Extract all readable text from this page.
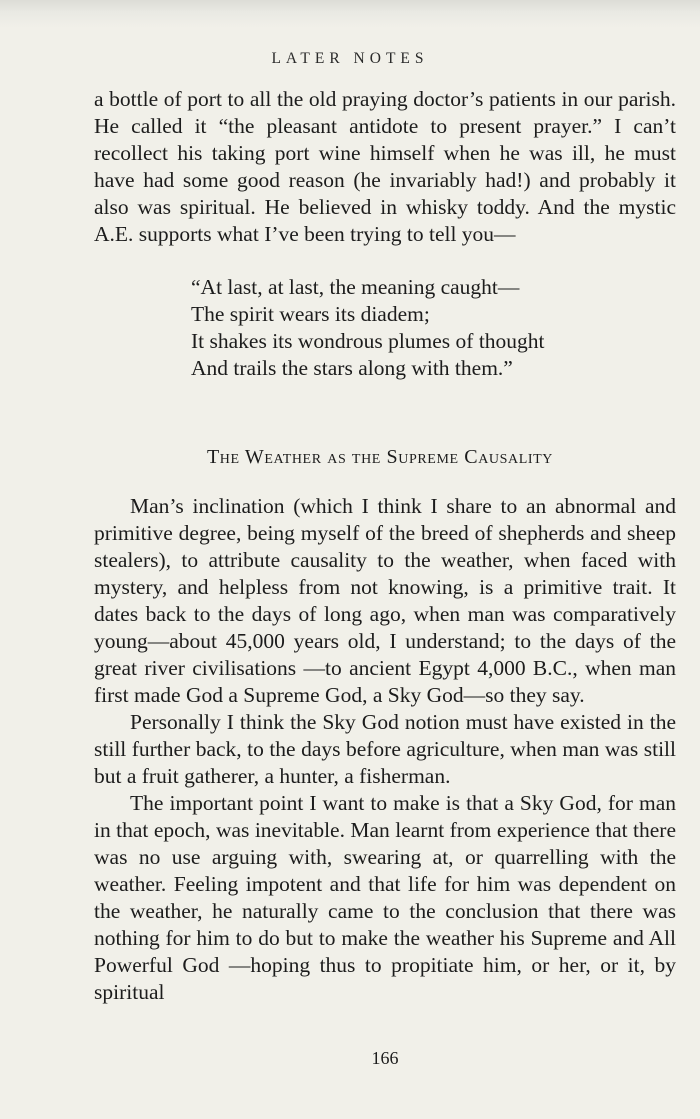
LATER NOTES

a bottle of port to all the old praying doctor’s patients in our parish. He called it “the pleasant antidote to present prayer.” I can’t recollect his taking port wine himself when he was ill, he must have had some good reason (he invariably had!) and probably it also was spiritual. He believed in whisky toddy. And the mystic A.E. supports what I’ve been trying to tell you—

“At last, at last, the meaning caught—
The spirit wears its diadem;
It shakes its wondrous plumes of thought
And trails the stars along with them.”
The Weather as the Supreme Causality

Man’s inclination (which I think I share to an abnormal and primitive degree, being myself of the breed of shepherds and sheep stealers), to attribute causality to the weather, when faced with mystery, and helpless from not knowing, is a primitive trait. It dates back to the days of long ago, when man was comparatively young—about 45,000 years old, I understand; to the days of the great river civilisations —to ancient Egypt 4,000 B.C., when man first made God a Supreme God, a Sky God—so they say.

Personally I think the Sky God notion must have existed in the still further back, to the days before agriculture, when man was still but a fruit gatherer, a hunter, a fisherman.

The important point I want to make is that a Sky God, for man in that epoch, was inevitable. Man learnt from experience that there was no use arguing with, swearing at, or quarrelling with the weather. Feeling impotent and that life for him was dependent on the weather, he naturally came to the conclusion that there was nothing for him to do but to make the weather his Supreme and All Powerful God —hoping thus to propitiate him, or her, or it, by spiritual

166
